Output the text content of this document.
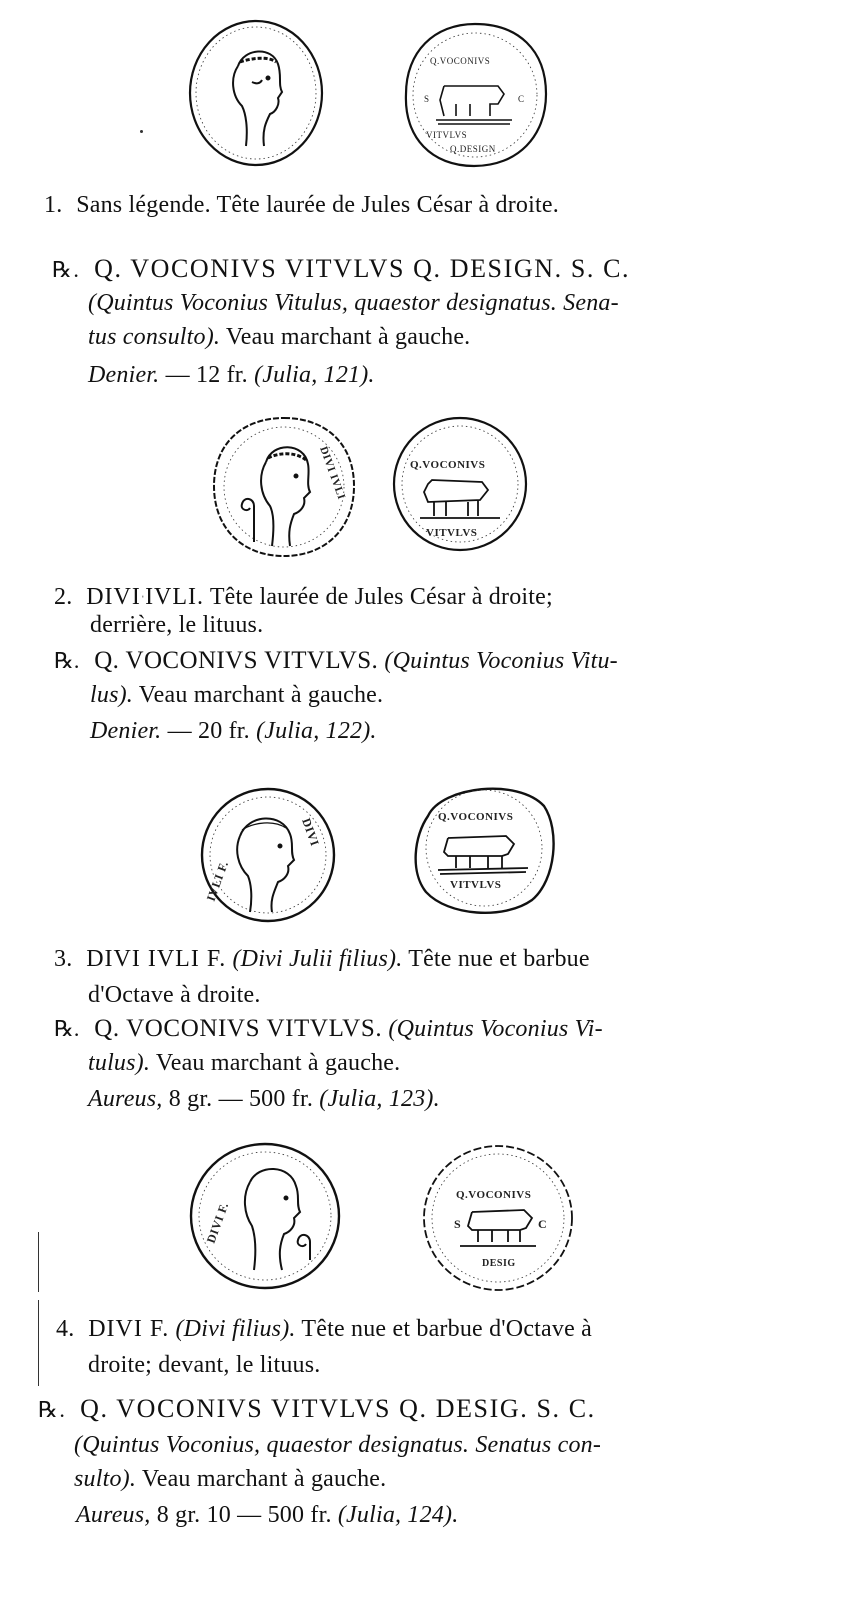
Q.VOCONIVS
S	C
VITVLVS
Q.DESIGN
1. Sans légende. Tête laurée de Jules César à droite.
℞. Q. VOCONIVS VITVLVS Q. DESIGN. S. C.
(Quintus Voconius Vitulus, quaestor designatus. Sena-
tus consulto). Veau marchant à gauche.
Denier. — 12 fr. (Julia, 121).
DIVI IVLI	Q.VOCONIVS
VITVLVS
2. $DIVI^ˌIVLI$. Tête laurée de Jules César à droite;
derrière, le lituus.
℞. Q. VOCONIVS VITVLVS. (Quintus Voconius Vitu-
lus). Veau marchant à gauche.
Denier. — 20 fr. (Julia, 122).
IVLI F.
DIVI	Q.VOCONIVS
VITVLVS
3. DIVI IVLI F. (Divi Julii filius). Tête nue et barbue
d'Octave à droite.
℞. Q. VOCONIVS VITVLVS. (Quintus Voconius Vi-
tulus). Veau marchant à gauche.
Aureus, 8 gr. — 500 fr. (Julia, 123).
DIVI F.
Q.VOCONIVS
S	C
DESIG
4. DIVI F. (Divi filius). Tête nue et barbue d'Octave à
droite; devant, le lituus.
℞. Q. VOCONIVS VITVLVS Q. DESIG. S. C.
(Quintus Voconius, quaestor designatus. Senatus con-
sulto). Veau marchant à gauche.
Aureus, 8 gr. 10 — 500 fr. (Julia, 124).
